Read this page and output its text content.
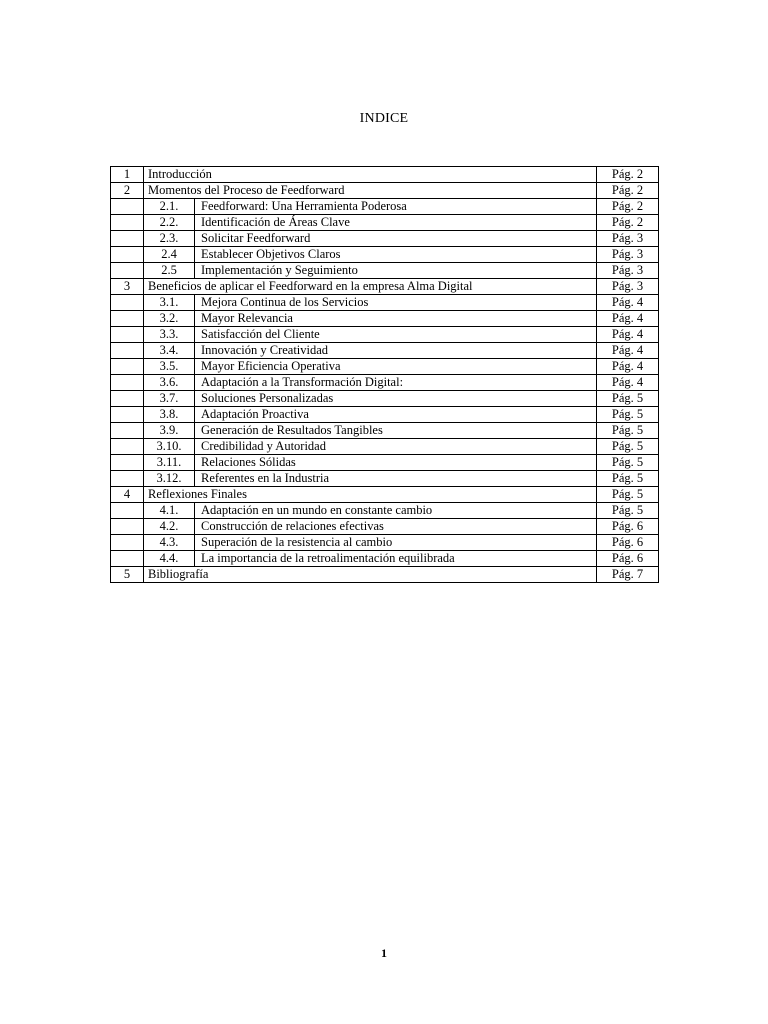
INDICE
1	Introducción	Pág. 2
2	Momentos del Proceso de Feedforward	Pág. 2
	2.1. Feedforward: Una Herramienta Poderosa	Pág. 2
	2.2. Identificación de Áreas Clave	Pág. 2
	2.3. Solicitar Feedforward	Pág. 3
	2.4 Establecer Objetivos Claros	Pág. 3
	2.5 Implementación y Seguimiento	Pág. 3
3	Beneficios de aplicar el Feedforward en la empresa Alma Digital	Pág. 3
	3.1. Mejora Continua de los Servicios	Pág. 4
	3.2. Mayor Relevancia	Pág. 4
	3.3. Satisfacción del Cliente	Pág. 4
	3.4. Innovación y Creatividad	Pág. 4
	3.5. Mayor Eficiencia Operativa	Pág. 4
	3.6. Adaptación a la Transformación Digital:	Pág. 4
	3.7. Soluciones Personalizadas	Pág. 5
	3.8. Adaptación Proactiva	Pág. 5
	3.9. Generación de Resultados Tangibles	Pág. 5
	3.10. Credibilidad y Autoridad	Pág. 5
	3.11. Relaciones Sólidas	Pág. 5
	3.12. Referentes en la Industria	Pág. 5
4	Reflexiones Finales	Pág. 5
	4.1. Adaptación en un mundo en constante cambio	Pág. 5
	4.2. Construcción de relaciones efectivas	Pág. 6
	4.3. Superación de la resistencia al cambio	Pág. 6
	4.4. La importancia de la retroalimentación equilibrada	Pág. 6
5	Bibliografía	Pág. 7
1
